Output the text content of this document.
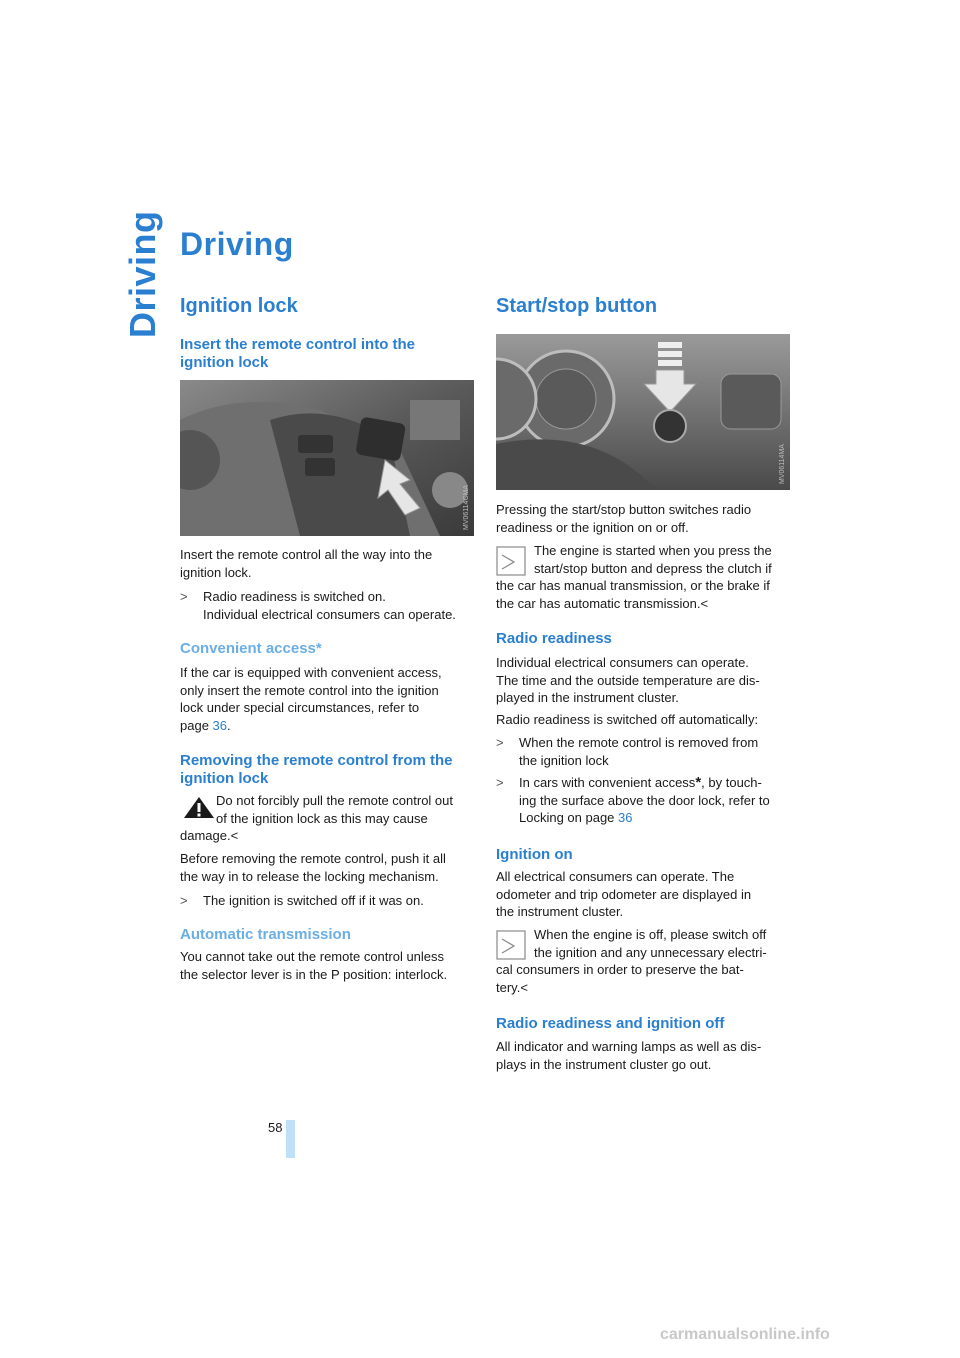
Driving Driving
Ignition lock
Insert the remote control into the ignition lock
MV06114CMA

Insert the remote control all the way into the ignition lock.

> Radio readiness is switched on.
Individual electrical consumers can operate.
Convenient access*
If the car is equipped with convenient access,
only insert the remote control into the ignition
lock under special circumstances, refer to
page 36.
Removing the remote control from the ignition lock
Do not forcibly pull the remote control out
of the ignition lock as this may cause
damage.<
Before removing the remote control, push it all
the way in to release the locking mechanism.
> The ignition is switched off if it was on.
Automatic transmission
You cannot take out the remote control unless
the selector lever is in the P position: interlock.
Start/stop button
MV06114MA
Pressing the start/stop button switches radio
readiness or the ignition on or off.
The engine is started when you press the
start/stop button and depress the clutch if
the car has manual transmission, or the brake if
the car has automatic transmission.<
Radio readiness
Individual electrical consumers can operate.
The time and the outside temperature are dis-
played in the instrument cluster.
Radio readiness is switched off automatically:
> When the remote control is removed from
the ignition lock
> In cars with convenient access*, by touch-
ing the surface above the door lock, refer to
Locking on page 36
Ignition on
All electrical consumers can operate. The
odometer and trip odometer are displayed in
the instrument cluster.
When the engine is off, please switch off
the ignition and any unnecessary electri-
cal consumers in order to preserve the bat-
tery.<
Radio readiness and ignition off
All indicator and warning lamps as well as dis-
plays in the instrument cluster go out.
58
carmanualsonline.info
